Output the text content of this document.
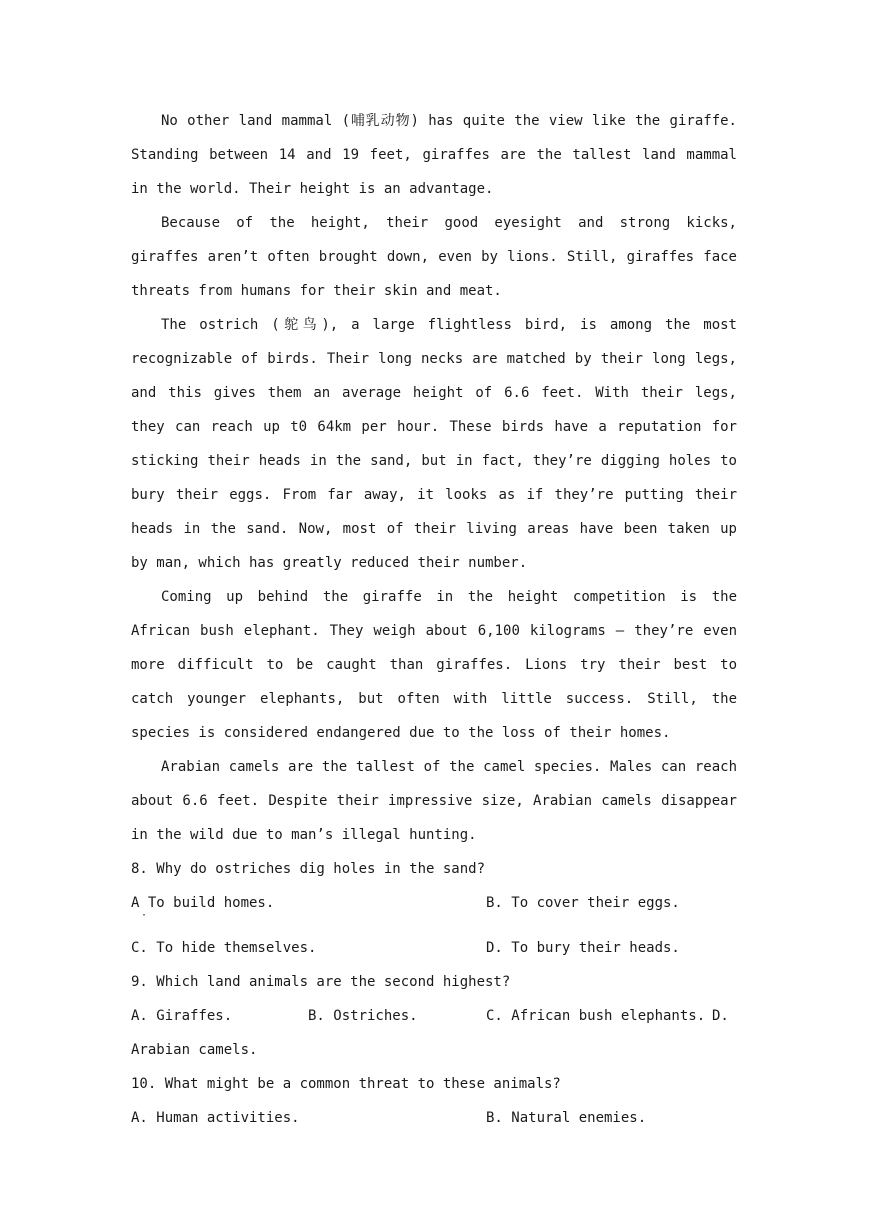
No other land mammal (哺乳动物) has quite the view like the giraffe. Standing between 14 and 19 feet, giraffes are the tallest land mammal in the world. Their height is an advantage.

Because of the height, their good eyesight and strong kicks, giraffes aren’t often brought down, even by lions. Still, giraffes face threats from humans for their skin and meat.

The ostrich (鸵鸟), a large flightless bird, is among the most recognizable of birds. Their long necks are matched by their long legs, and this gives them an average height of 6.6 feet. With their legs, they can reach up t0 64km per hour. These birds have a reputation for sticking their heads in the sand, but in fact, they’re digging holes to bury their eggs. From far away, it looks as if they’re putting their heads in the sand. Now, most of their living areas have been taken up by man, which has greatly reduced their number.

Coming up behind the giraffe in the height competition is the African bush elephant. They weigh about 6,100 kilograms — they’re even more difficult to be caught than giraffes. Lions try their best to catch younger elephants, but often with little success. Still, the species is considered endangered due to the loss of their homes.

Arabian camels are the tallest of the camel species. Males can reach about 6.6 feet. Despite their impressive size, Arabian camels disappear in the wild due to man’s illegal hunting.

8. Why do ostriches dig holes in the sand?

A To build homes.
·
B. To cover their eggs.
C. To hide themselves.	D. To bury their heads.

9. Which land animals are the second highest?

A. Giraffes.	B. Ostriches.	C. African bush elephants. D.

Arabian camels.

10. What might be a common threat to these animals?

A. Human activities.	B. Natural enemies.
